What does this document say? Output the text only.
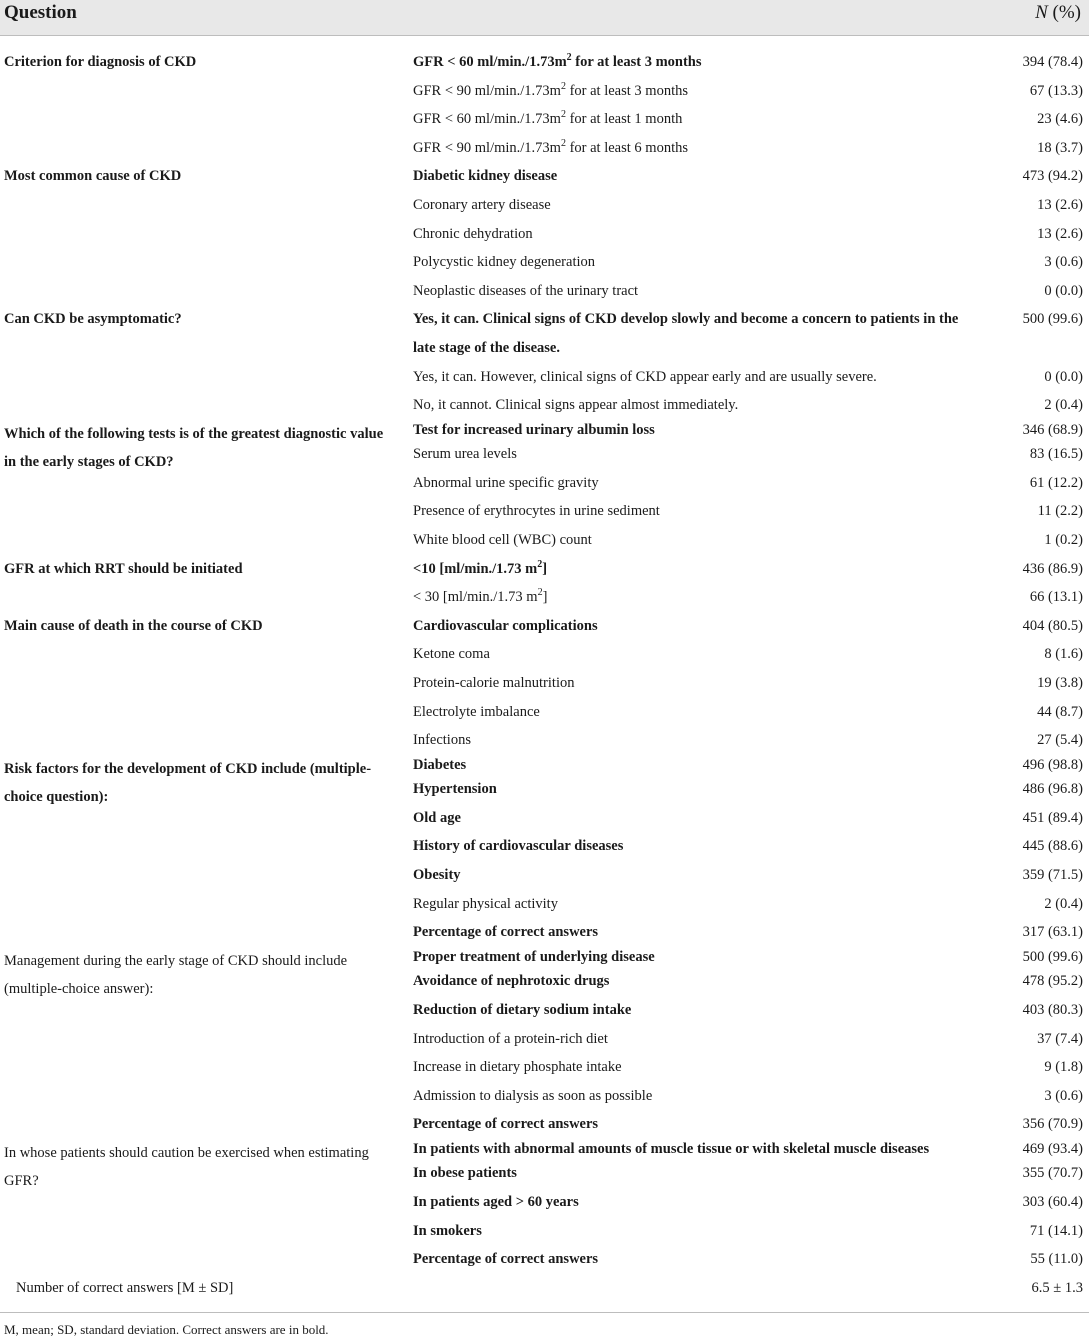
Question	N (%)
Criterion for diagnosis of CKD	GFR < 60 $ml/\min./1.73m^2$ for at least 3 months	394 (78.4)
	GFR < 90 $ml/\min./1.73m^2$ for at least 3 months	67 (13.3)
	GFR < 60 $ml/\min./1.73m^2$ for at least 1 month	23 (4.6)
	GFR < 90 $ml/\min./1.73m^2$ for at least 6 months	18 (3.7)

Most common cause of CKD	Diabetic kidney disease	473 (94.2)
	Coronary artery disease	13 (2.6)
	Chronic dehydration	13 (2.6)
	Polycystic kidney degeneration	3 (0.6)
	Neoplastic diseases of the urinary tract	0 (0.0)

Can CKD be asymptomatic?	Yes, it can. Clinical signs of CKD develop slowly and become a concern to patients in the late stage of the disease.	500 (99.6)
	Yes, it can. However, clinical signs of CKD appear early and are usually severe.	0 (0.0)
	No, it cannot. Clinical signs appear almost immediately.	2 (0.4)

Which of the following tests is of the greatest diagnostic value in the early stages of CKD?	Test for increased urinary albumin loss	346 (68.9)
	Serum urea levels	83 (16.5)
	Abnormal urine specific gravity	61 (12.2)
	Presence of erythrocytes in urine sediment	11 (2.2)
	White blood cell (WBC) count	1 (0.2)

GFR at which RRT should be initiated	<10 [ml/min./1.73 $m^2$]	436 (86.9)
	< 30 [ml/min./1.73 $m^2$]	66 (13.1)

Main cause of death in the course of CKD	Cardiovascular complications	404 (80.5)
	Ketone coma	8 (1.6)
	Protein-calorie malnutrition	19 (3.8)
	Electrolyte imbalance	44 (8.7)
	Infections	27 (5.4)

Risk factors for the development of CKD include (multiple-choice question):	Diabetes	496 (98.8)
	Hypertension	486 (96.8)
	Old age	451 (89.4)
	History of cardiovascular diseases	445 (88.6)
	Obesity	359 (71.5)
	Regular physical activity	2 (0.4)
	Percentage of correct answers	317 (63.1)

Management during the early stage of CKD should include (multiple-choice answer):	Proper treatment of underlying disease	500 (99.6)
	Avoidance of nephrotoxic drugs	478 (95.2)
	Reduction of dietary sodium intake	403 (80.3)
	Introduction of a protein-rich diet	37 (7.4)
	Increase in dietary phosphate intake	9 (1.8)
	Admission to dialysis as soon as possible	3 (0.6)
	Percentage of correct answers	356 (70.9)

In whose patients should caution be exercised when estimating GFR?	In patients with abnormal amounts of muscle tissue or with skeletal muscle diseases	469 (93.4)
	In obese patients	355 (70.7)
	In patients aged > 60 years	303 (60.4)
	In smokers	71 (14.1)
	Percentage of correct answers	55 (11.0)
Number of correct answers [M ± SD]		6.5 ± 1.3
M, mean; SD, standard deviation. Correct answers are in bold.
